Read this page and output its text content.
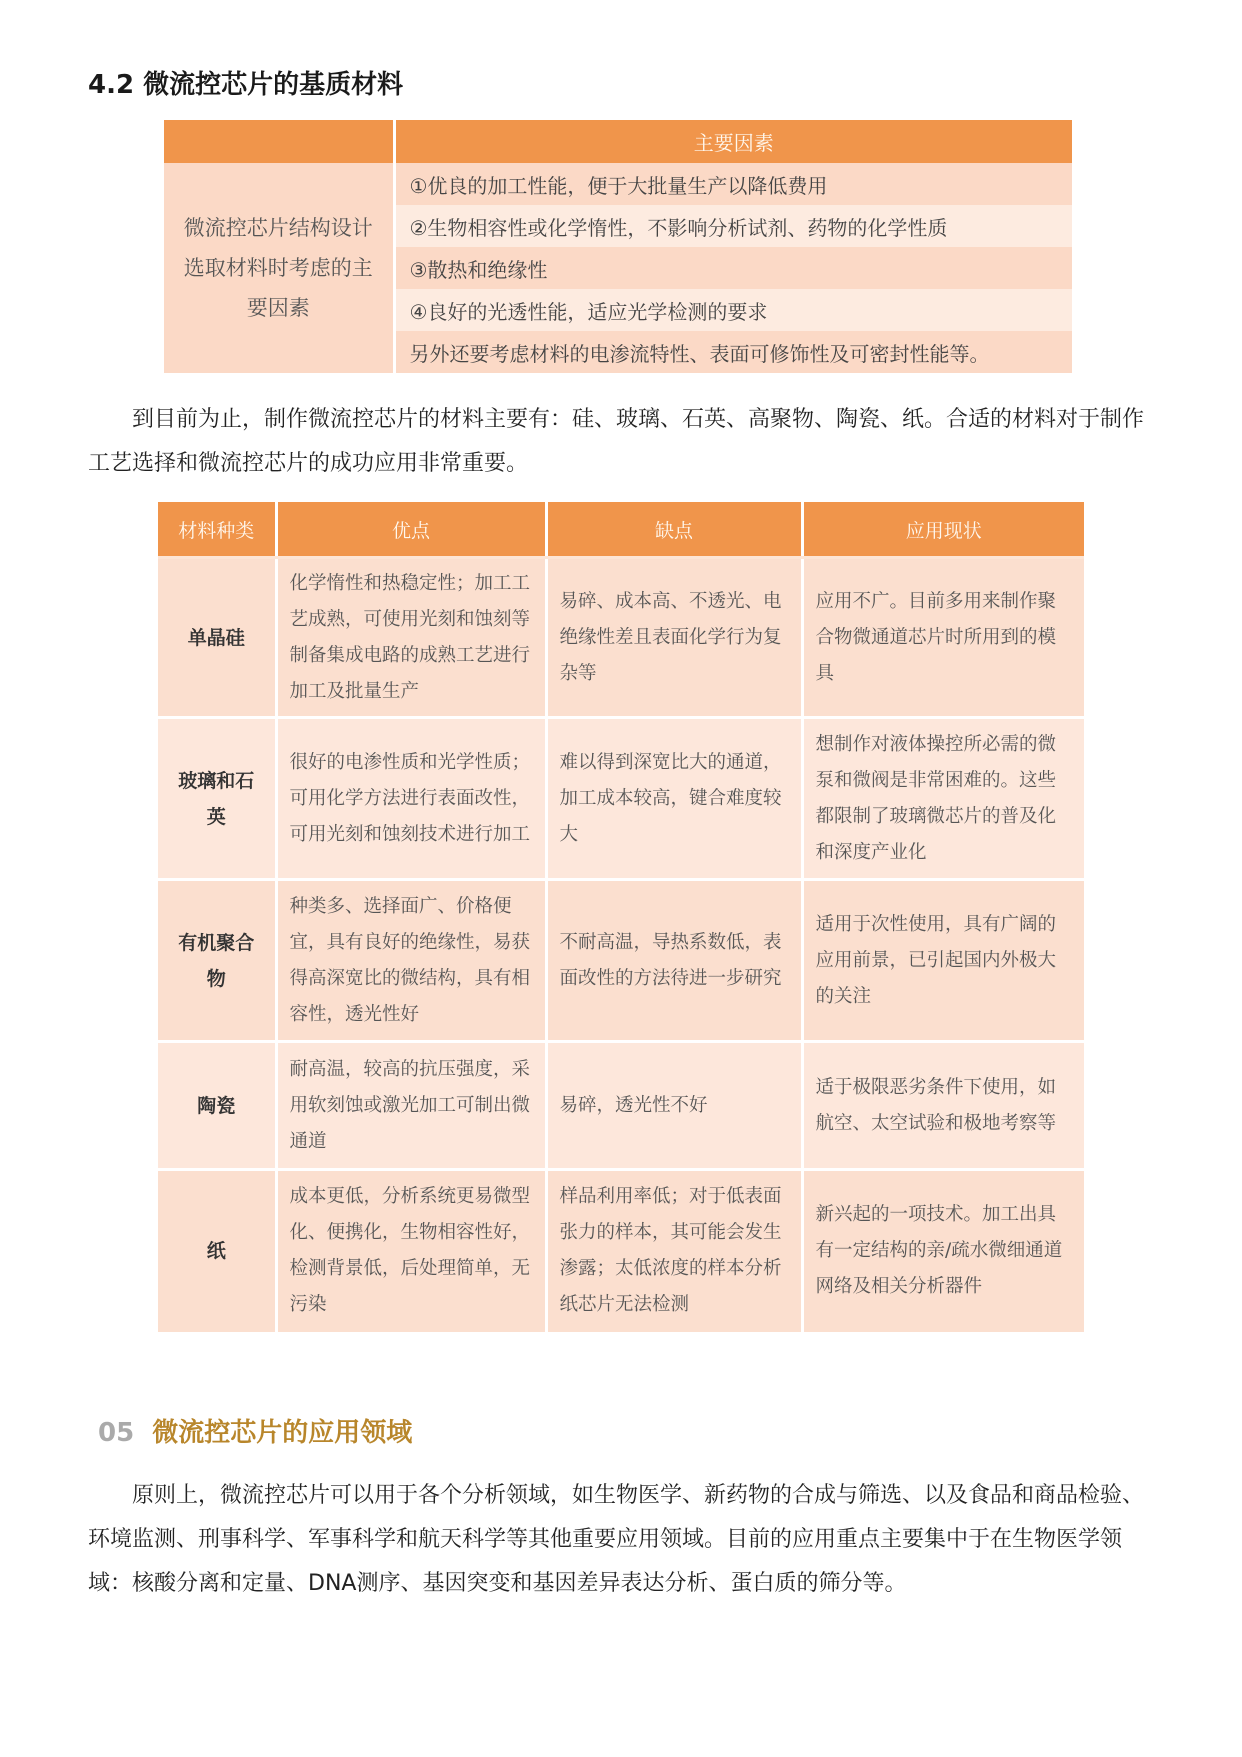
4.2 微流控芯片的基质材料
	主要因素
微流控芯片结构设计选取材料时考虑的主要因素	①优良的加工性能，便于大批量生产以降低费用
	②生物相容性或化学惰性，不影响分析试剂、药物的化学性质
	③散热和绝缘性
	④良好的光透性能，适应光学检测的要求
	另外还要考虑材料的电渗流特性、表面可修饰性及可密封性能等。

到目前为止，制作微流控芯片的材料主要有：硅、玻璃、石英、高聚物、陶瓷、纸。合适的材料对于制作工艺选择和微流控芯片的成功应用非常重要。

材料种类	优点	缺点	应用现状
单晶硅	化学惰性和热稳定性；加工工艺成熟，可使用光刻和蚀刻等制备集成电路的成熟工艺进行加工及批量生产	易碎、成本高、不透光、电绝缘性差且表面化学行为复杂等	应用不广。目前多用来制作聚合物微通道芯片时所用到的模具
玻璃和石英	很好的电渗性质和光学性质；可用化学方法进行表面改性，可用光刻和蚀刻技术进行加工	难以得到深宽比大的通道，加工成本较高，键合难度较大	想制作对液体操控所必需的微泵和微阀是非常困难的。这些都限制了玻璃微芯片的普及化和深度产业化
有机聚合物	种类多、选择面广、价格便宜，具有良好的绝缘性，易获得高深宽比的微结构，具有相容性，透光性好	不耐高温，导热系数低，表面改性的方法待进一步研究	适用于次性使用，具有广阔的应用前景，已引起国内外极大的关注
陶瓷	耐高温，较高的抗压强度，采用软刻蚀或激光加工可制出微通道	易碎，透光性不好	适于极限恶劣条件下使用，如航空、太空试验和极地考察等
纸	成本更低，分析系统更易微型化、便携化，生物相容性好，检测背景低，后处理简单，无污染	样品利用率低；对于低表面张力的样本，其可能会发生渗露；太低浓度的样本分析纸芯片无法检测	新兴起的一项技术。加工出具有一定结构的亲/疏水微细通道网络及相关分析器件
05 微流控芯片的应用领域

原则上，微流控芯片可以用于各个分析领域，如生物医学、新药物的合成与筛选、以及食品和商品检验、环境监测、刑事科学、军事科学和航天科学等其他重要应用领域。目前的应用重点主要集中于在生物医学领域：核酸分离和定量、DNA测序、基因突变和基因差异表达分析、蛋白质的筛分等。
